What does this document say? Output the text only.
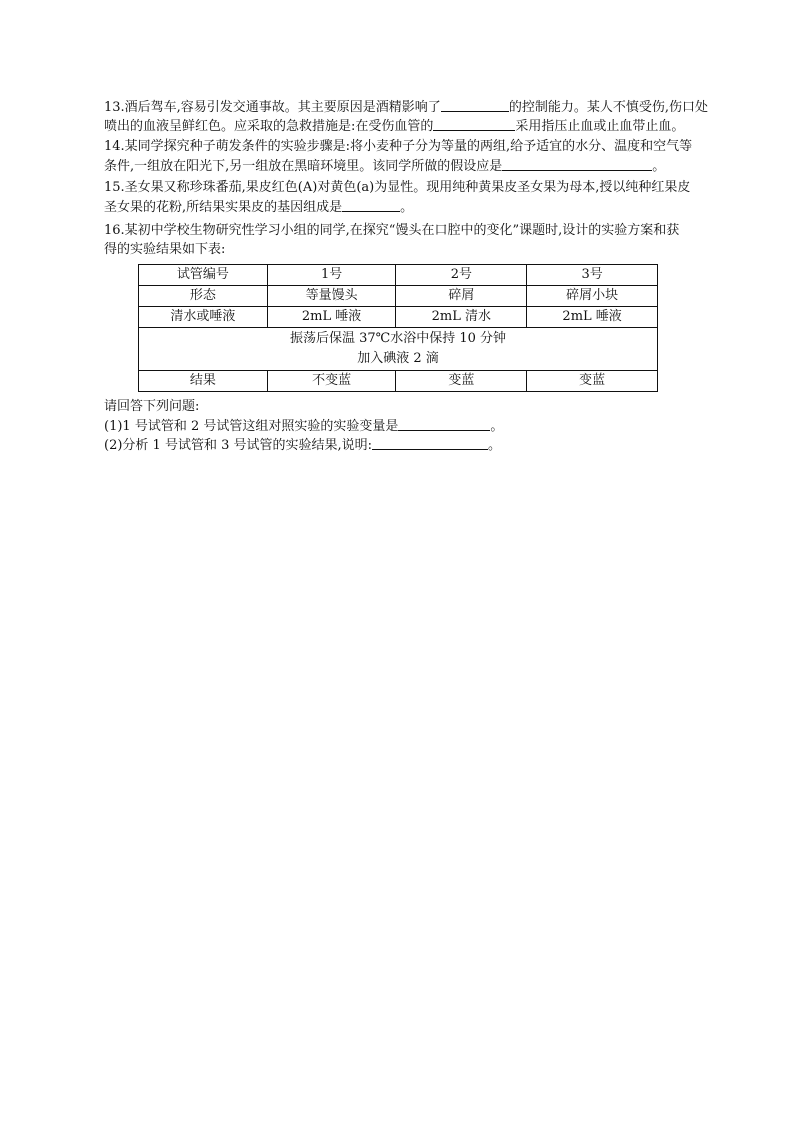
13.酒后驾车,容易引发交通事故。其主要原因是酒精影响了	的控制能力。某人不慎受伤,伤口处
喷出的血液呈鲜红色。应采取的急救措施是:在受伤血管的	采用指压止血或止血带止血。
14.某同学探究种子萌发条件的实验步骤是:将小麦种子分为等量的两组,给予适宜的水分、温度和空气等
条件,一组放在阳光下,另一组放在黑暗环境里。该同学所做的假设应是	。
15.圣女果又称珍珠番茄,果皮红色(A)对黄色(a)为显性。现用纯种黄果皮圣女果为母本,授以纯种红果皮
圣女果的花粉,所结果实果皮的基因组成是	。
16.某初中学校生物研究性学习小组的同学,在探究“馒头在口腔中的变化”课题时,设计的实验方案和获
得的实验结果如下表:
试管编号	1号	2号	3号
形态	等量馒头	碎屑	碎屑小块
清水或唾液	2mL 唾液	2mL 清水	2mL 唾液

振荡后保温 37℃水浴中保持 10 分钟
加入碘液 2 滴			

结果	不变蓝	变蓝	变蓝
请回答下列问题:
(1)1 号试管和 2 号试管这组对照实验的实验变量是	。
(2)分析 1 号试管和 3 号试管的实验结果,说明:	。
